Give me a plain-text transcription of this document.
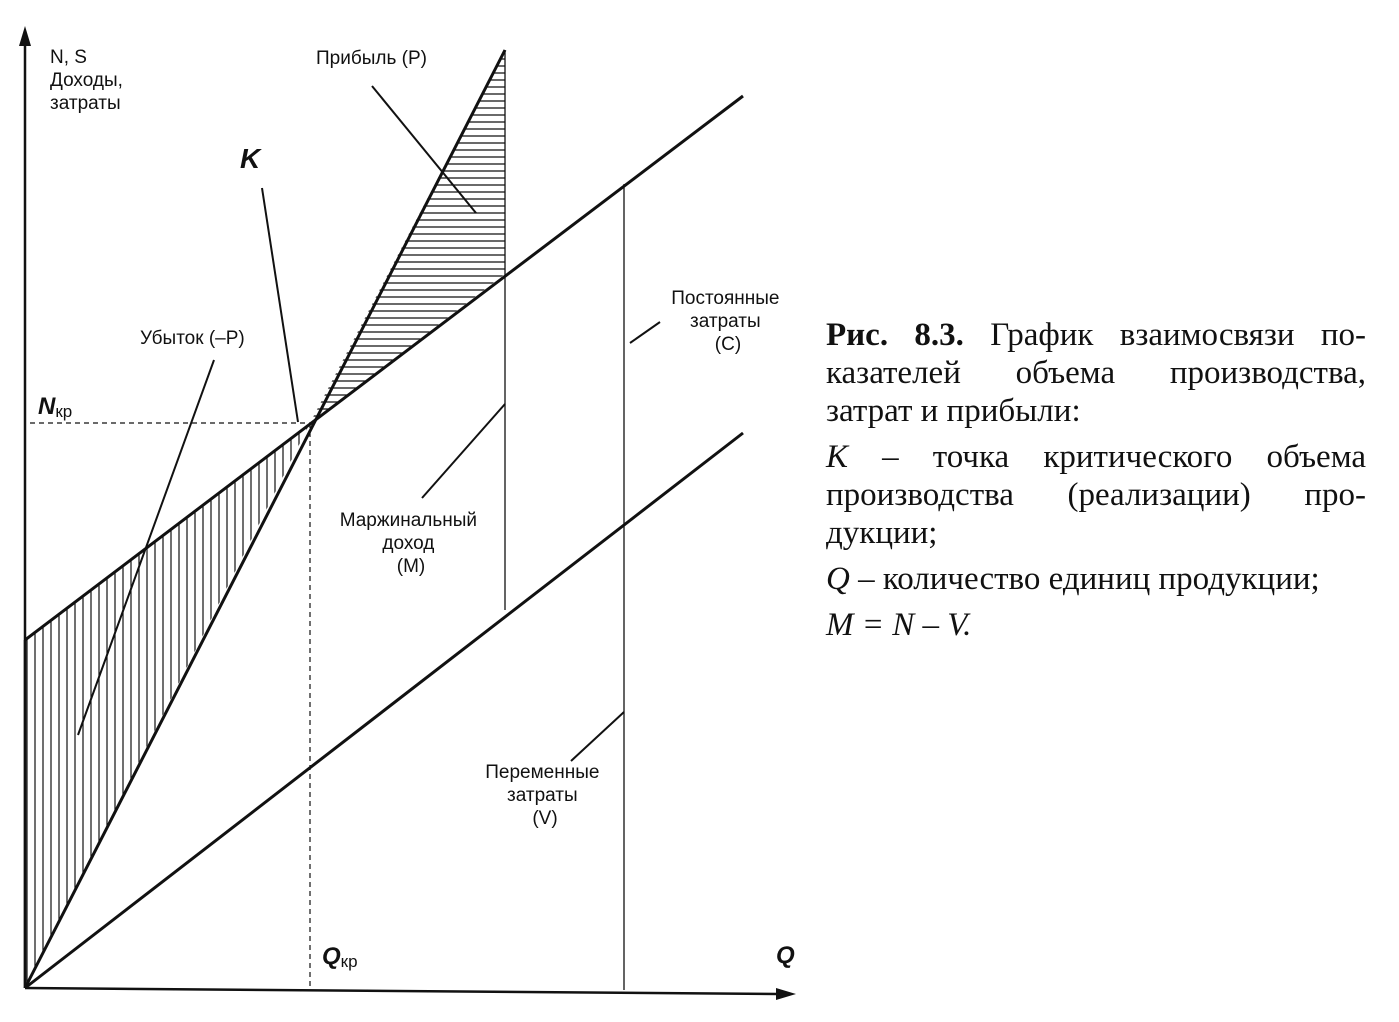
N, S Доходы, затраты
Прибыль (P)
K
Убыток (–P)
Nкр
Qкр	Q
Постоянные затраты (C)
Маржинальный доход (M)
Переменные затраты (V)

Рис. 8.3. График взаимосвязи показателей объема производства, затрат и прибыли:

K – точка критического объема производства (реализации) продукции;

Q – количество единиц продукции;

M = N – V.
